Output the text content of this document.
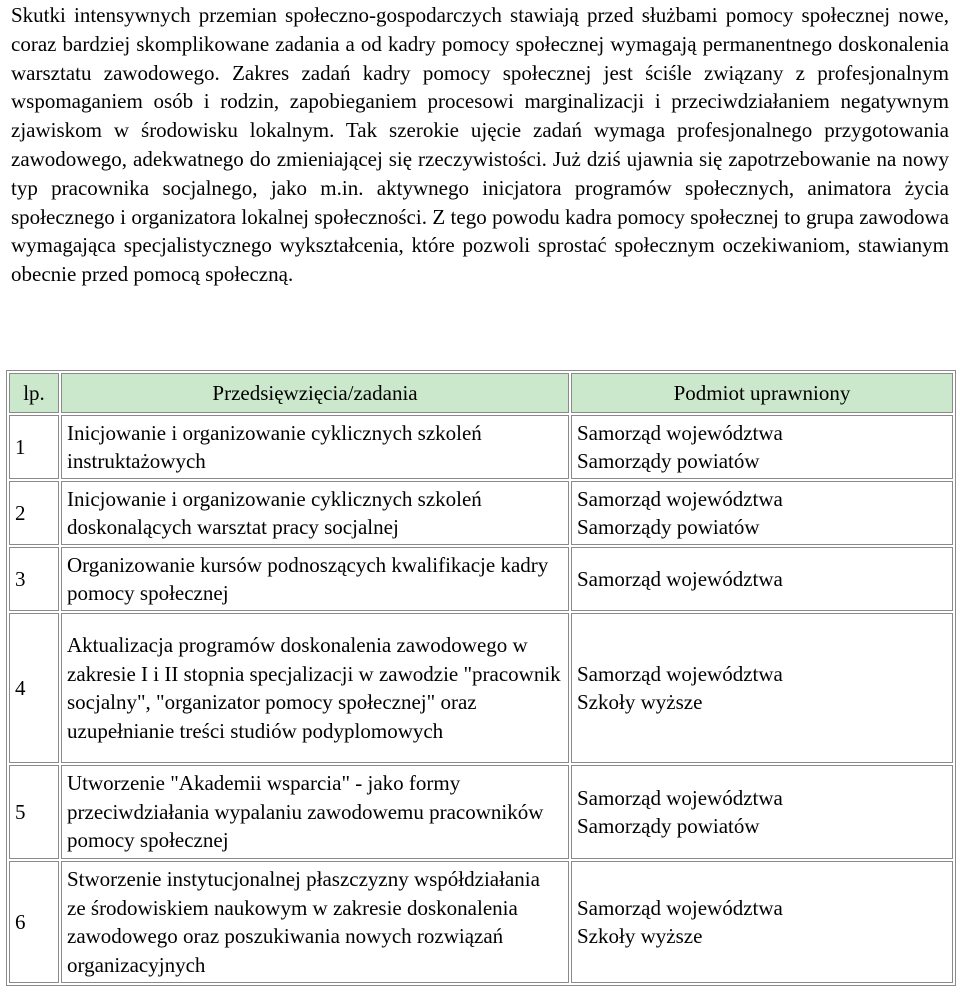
Skutki intensywnych przemian społeczno-gospodarczych stawiają przed służbami pomocy społecznej nowe, coraz bardziej skomplikowane zadania a od kadry pomocy społecznej wymagają permanentnego doskonalenia warsztatu zawodowego. Zakres zadań kadry pomocy społecznej jest ściśle związany z profesjonalnym wspomaganiem osób i rodzin, zapobieganiem procesowi marginalizacji i przeciwdziałaniem negatywnym zjawiskom w środowisku lokalnym. Tak szerokie ujęcie zadań wymaga profesjonalnego przygotowania zawodowego, adekwatnego do zmieniającej się rzeczywistości. Już dziś ujawnia się zapotrzebowanie na nowy typ pracownika socjalnego, jako m.in. aktywnego inicjatora programów społecznych, animatora życia społecznego i organizatora lokalnej społeczności. Z tego powodu kadra pomocy społecznej to grupa zawodowa wymagająca specjalistycznego wykształcenia, które pozwoli sprostać społecznym oczekiwaniom, stawianym obecnie przed pomocą społeczną.

lp.	Przedsięwzięcia/zadania	Podmiot uprawniony
1	Inicjowanie i organizowanie cyklicznych szkoleń instruktażowych	Samorząd województwa
Samorządy powiatów

2	Inicjowanie i organizowanie cyklicznych szkoleń doskonalących warsztat pracy socjalnej	Samorząd województwa
Samorządy powiatów

3	Organizowanie kursów podnoszących kwalifikacje kadry pomocy społecznej	Samorząd województwa

4	Aktualizacja programów doskonalenia zawodowego w zakresie I i II stopnia specjalizacji w zawodzie "pracownik socjalny", "organizator pomocy społecznej" oraz uzupełnianie treści studiów podyplomowych	Samorząd województwa
Szkoły wyższe

5	Utworzenie "Akademii wsparcia" - jako formy przeciwdziałania wypalaniu zawodowemu pracowników pomocy społecznej	Samorząd województwa
Samorządy powiatów

6	Stworzenie instytucjonalnej płaszczyzny współdziałania ze środowiskiem naukowym w zakresie doskonalenia zawodowego oraz poszukiwania nowych rozwiązań organizacyjnych	Samorząd województwa
Szkoły wyższe
